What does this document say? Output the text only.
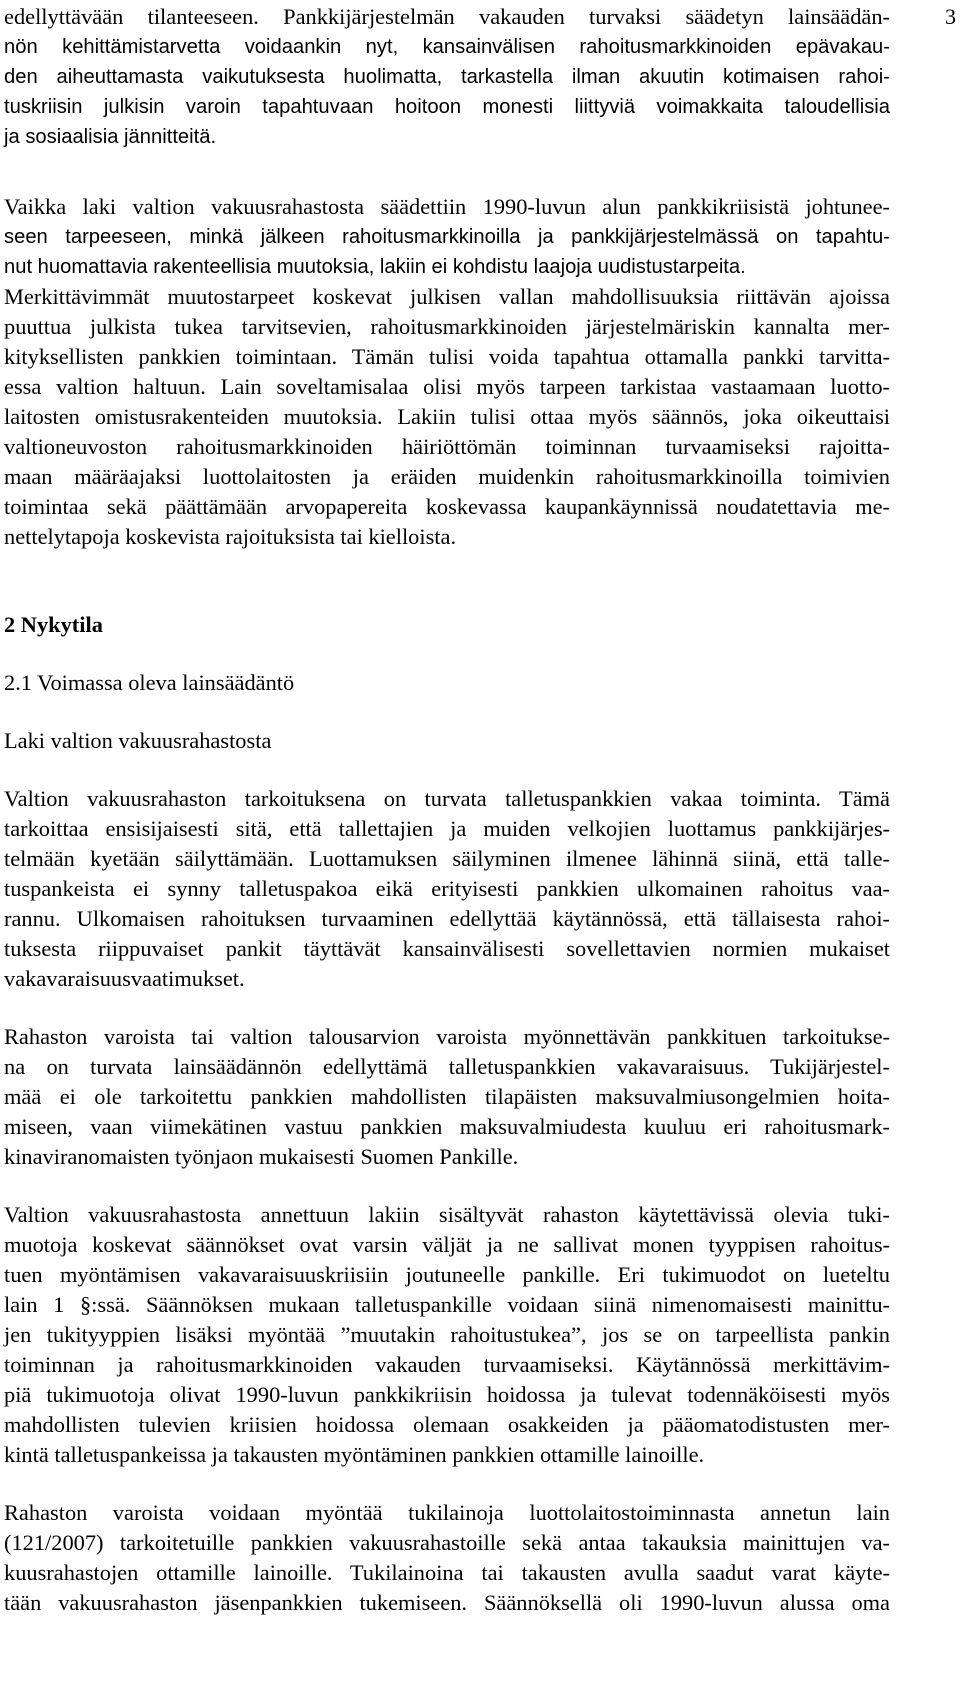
3
edellyttävään tilanteeseen. Pankkijärjestelmän vakauden turvaksi säädetyn lainsäädän-
nön kehittämistarvetta voidaankin nyt, kansainvälisen rahoitusmarkkinoiden epävakau-
den aiheuttamasta vaikutuksesta huolimatta, tarkastella ilman akuutin kotimaisen rahoi-
tuskriisin julkisin varoin tapahtuvaan hoitoon monesti liittyviä voimakkaita taloudellisia
ja sosiaalisia jännitteitä.
Vaikka laki valtion vakuusrahastosta säädettiin 1990-luvun alun pankkikriisistä johtunee-
seen tarpeeseen, minkä jälkeen rahoitusmarkkinoilla ja pankkijärjestelmässä on tapahtu-
nut huomattavia rakenteellisia muutoksia, lakiin ei kohdistu laajoja uudistustarpeita.
Merkittävimmät muutostarpeet koskevat julkisen vallan mahdollisuuksia riittävän ajoissa
puuttua julkista tukea tarvitsevien, rahoitusmarkkinoiden järjestelmäriskin kannalta mer-
kityksellisten pankkien toimintaan. Tämän tulisi voida tapahtua ottamalla pankki tarvitta-
essa valtion haltuun. Lain soveltamisalaa olisi myös tarpeen tarkistaa vastaamaan luotto-
laitosten omistusrakenteiden muutoksia. Lakiin tulisi ottaa myös säännös, joka oikeuttaisi
valtioneuvoston rahoitusmarkkinoiden häiriöttömän toiminnan turvaamiseksi rajoitta-
maan määräajaksi luottolaitosten ja eräiden muidenkin rahoitusmarkkinoilla toimivien
toimintaa sekä päättämään arvopapereita koskevassa kaupankäynnissä noudatettavia me-
nettelytapoja koskevista rajoituksista tai kielloista.
2 Nykytila
2.1 Voimassa oleva lainsäädäntö
Laki valtion vakuusrahastosta
Valtion vakuusrahaston tarkoituksena on turvata talletuspankkien vakaa toiminta. Tämä
tarkoittaa ensisijaisesti sitä, että tallettajien ja muiden velkojien luottamus pankkijärjes-
telmään kyetään säilyttämään. Luottamuksen säilyminen ilmenee lähinnä siinä, että talle-
tuspankeista ei synny talletuspakoa eikä erityisesti pankkien ulkomainen rahoitus vaa-
rannu. Ulkomaisen rahoituksen turvaaminen edellyttää käytännössä, että tällaisesta rahoi-
tuksesta riippuvaiset pankit täyttävät kansainvälisesti sovellettavien normien mukaiset
vakavaraisuusvaatimukset.
Rahaston varoista tai valtion talousarvion varoista myönnettävän pankkituen tarkoitukse-
na on turvata lainsäädännön edellyttämä talletuspankkien vakavaraisuus. Tukijärjestel-
mää ei ole tarkoitettu pankkien mahdollisten tilapäisten maksuvalmiusongelmien hoita-
miseen, vaan viimekätinen vastuu pankkien maksuvalmiudesta kuuluu eri rahoitusmark-
kinaviranomaisten työnjaon mukaisesti Suomen Pankille.
Valtion vakuusrahastosta annettuun lakiin sisältyvät rahaston käytettävissä olevia tuki-
muotoja koskevat säännökset ovat varsin väljät ja ne sallivat monen tyyppisen rahoitus-
tuen myöntämisen vakavaraisuuskriisiin joutuneelle pankille. Eri tukimuodot on lueteltu
lain 1 §:ssä. Säännöksen mukaan talletuspankille voidaan siinä nimenomaisesti mainittu-
jen tukityyppien lisäksi myöntää ”muutakin rahoitustukea”, jos se on tarpeellista pankin
toiminnan ja rahoitusmarkkinoiden vakauden turvaamiseksi. Käytännössä merkittävim-
piä tukimuotoja olivat 1990-luvun pankkikriisin hoidossa ja tulevat todennäköisesti myös
mahdollisten tulevien kriisien hoidossa olemaan osakkeiden ja pääomatodistusten mer-
kintä talletuspankeissa ja takausten myöntäminen pankkien ottamille lainoille.
Rahaston varoista voidaan myöntää tukilainoja luottolaitostoiminnasta annetun lain
(121/2007) tarkoitetuille pankkien vakuusrahastoille sekä antaa takauksia mainittujen va-
kuusrahastojen ottamille lainoille. Tukilainoina tai takausten avulla saadut varat käyte-
tään vakuusrahaston jäsenpankkien tukemiseen. Säännöksellä oli 1990-luvun alussa oma
